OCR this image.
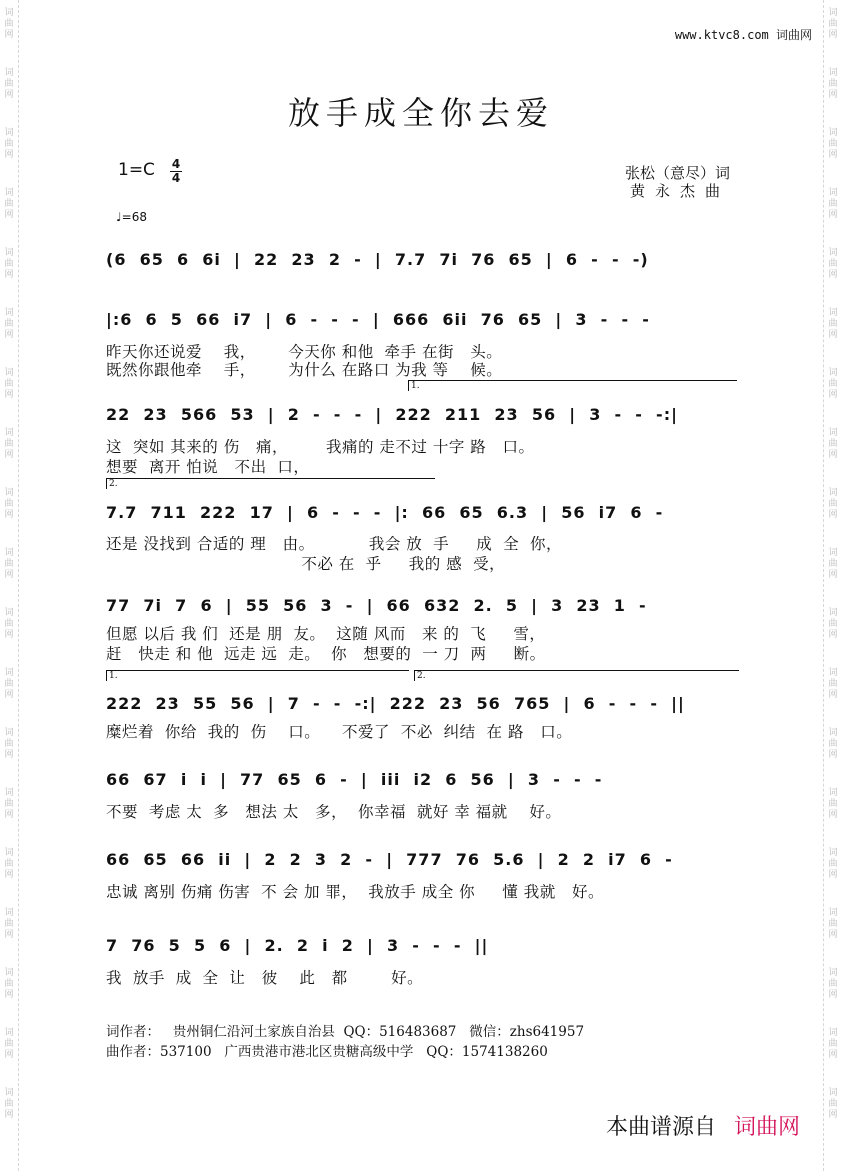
词
曲
网
词
曲
网
词
曲
网
词
曲
网
词
曲
网
词
曲
网
词
曲
网
词
曲
网
词
曲
网
词
曲
网
词
曲
网
词
曲
网
词
曲
网
词
曲
网
词
曲
网
词
曲
网
词
曲
网
词
曲
网
词
曲
网
词
曲
网
词
曲
网
词
曲
网
词
曲
网
词
曲
网
词
曲
网
词
曲
网
词
曲
网
词
曲
网
词
曲
网
词
曲
网
词
曲
网
词
曲
网
词
曲
网
词
曲
网
词
曲
网
词
曲
网
词
曲
网
词
曲
网
www.ktvc8.com 词曲网
放手成全你去爱
1=C 4
4
♩=68
张松（意尽）词
黄永杰曲
(6  65  6  6i  |  22  23  2  -  |  7.7  7i  76  65  |  6  -  -  -)
|:6  6  5  66  i7  |  6  -  -  -  |  666  6ii  76  65  |  3  -  -  -
昨天你还说爱    我，      今天你 和他  牵手 在街   头。
既然你跟他牵    手，      为什么 在路口 为我 等    候。
1.
22  23  566  53  |  2  -  -  -  |  222  211  23  56  |  3  -  -  -:|
这  突如 其来的 伤   痛，       我痛的 走不过 十字 路   口。
想要  离开 怕说   不出  口，
2.
7.7  711  222  17  |  6  -  -  -  |:  66  65  6.3  |  56  i7  6  -
还是 没找到 合适的 理   由。          我会 放  手     成  全  你，
不必 在  乎     我的 感  受，
77  7i  7  6  |  55  56  3  -  |  66  632  2.  5  |  3  23  1  -
但愿 以后 我 们  还是 朋  友。  这随 风而   来 的  飞     雪，
赶   快走 和 他  远走 远  走。  你   想要的  一 刀  两     断。
1.	2.
222  23  55  56  |  7  -  -  -:|  222  23  56  765  |  6  -  -  -  ||
糜烂着  你给  我的  伤    口。    不爱了  不必  纠结  在 路   口。
66  67  i  i  |  77  65  6  -  |  iii  i2  6  56  |  3  -  -  -
不要  考虑 太  多   想法 太   多，  你幸福  就好 幸 福就    好。
66  65  66  ii  |  2  2  3  2  -  |  777  76  5.6  |  2  2  i7  6  -
忠诚 离别 伤痛 伤害  不 会 加 罪，  我放手 成全 你     懂 我就   好。
7  76  5  5  6  |  2.  2  i  2  |  3  -  -  -  ||
我  放手  成  全  让   彼    此   都        好。
词作者：   贵州铜仁沿河土家族自治县  QQ：516483687   微信：zhs641957
曲作者：537100   广西贵港市港北区贵糖高级中学   QQ：1574138260
本曲谱源自 词曲网
